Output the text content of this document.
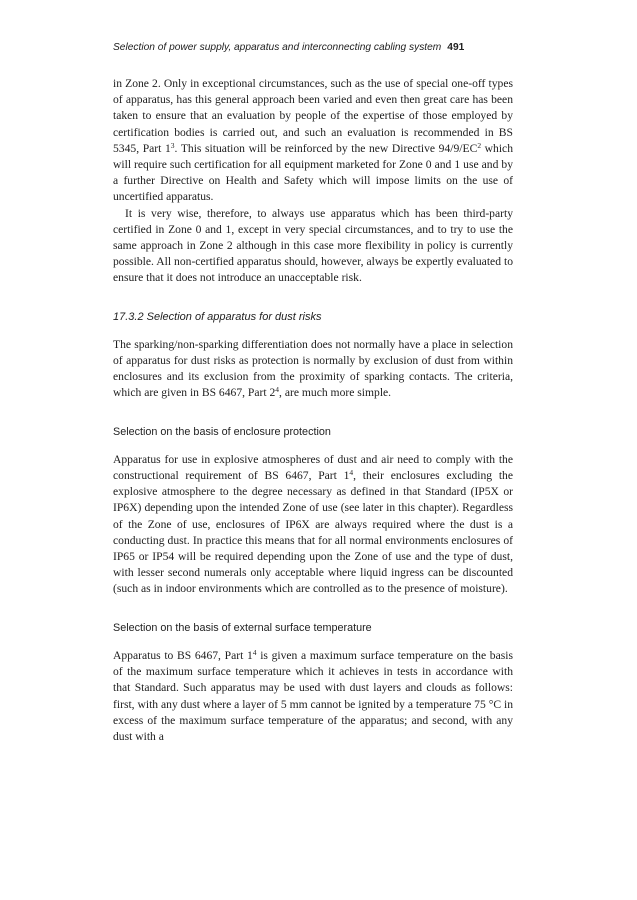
Selection of power supply, apparatus and interconnecting cabling system 491

in Zone 2. Only in exceptional circumstances, such as the use of special one-off types of apparatus, has this general approach been varied and even then great care has been taken to ensure that an evaluation by people of the expertise of those employed by certification bodies is carried out, and such an evaluation is recommended in BS 5345, Part $1^3$. This situation will be reinforced by the new Directive $94/9/EC^2$ which will require such certification for all equipment marketed for Zone 0 and 1 use and by a further Directive on Health and Safety which will impose limits on the use of uncertified apparatus.

It is very wise, therefore, to always use apparatus which has been third-party certified in Zone 0 and 1, except in very special circumstances, and to try to use the same approach in Zone 2 although in this case more flexibility in policy is currently possible. All non-certified apparatus should, however, always be expertly evaluated to ensure that it does not introduce an unacceptable risk.

17.3.2 Selection of apparatus for dust risks

The sparking/non-sparking differentiation does not normally have a place in selection of apparatus for dust risks as protection is normally by exclusion of dust from within enclosures and its exclusion from the proximity of sparking contacts. The criteria, which are given in BS 6467, Part $2^4$, are much more simple.

Selection on the basis of enclosure protection

Apparatus for use in explosive atmospheres of dust and air need to comply with the constructional requirement of BS 6467, Part $1^4$, their enclosures excluding the explosive atmosphere to the degree necessary as defined in that Standard (IP5X or IP6X) depending upon the intended Zone of use (see later in this chapter). Regardless of the Zone of use, enclosures of IP6X are always required where the dust is a conducting dust. In practice this means that for all normal environments enclosures of IP65 or IP54 will be required depending upon the Zone of use and the type of dust, with lesser second numerals only acceptable where liquid ingress can be discounted (such as in indoor environments which are controlled as to the presence of moisture).

Selection on the basis of external surface temperature

Apparatus to BS 6467, Part $1^4$ is given a maximum surface temperature on the basis of the maximum surface temperature which it achieves in tests in accordance with that Standard. Such apparatus may be used with dust layers and clouds as follows: first, with any dust where a layer of 5 mm cannot be ignited by a temperature 75 °C in excess of the maximum surface temperature of the apparatus; and second, with any dust with a
